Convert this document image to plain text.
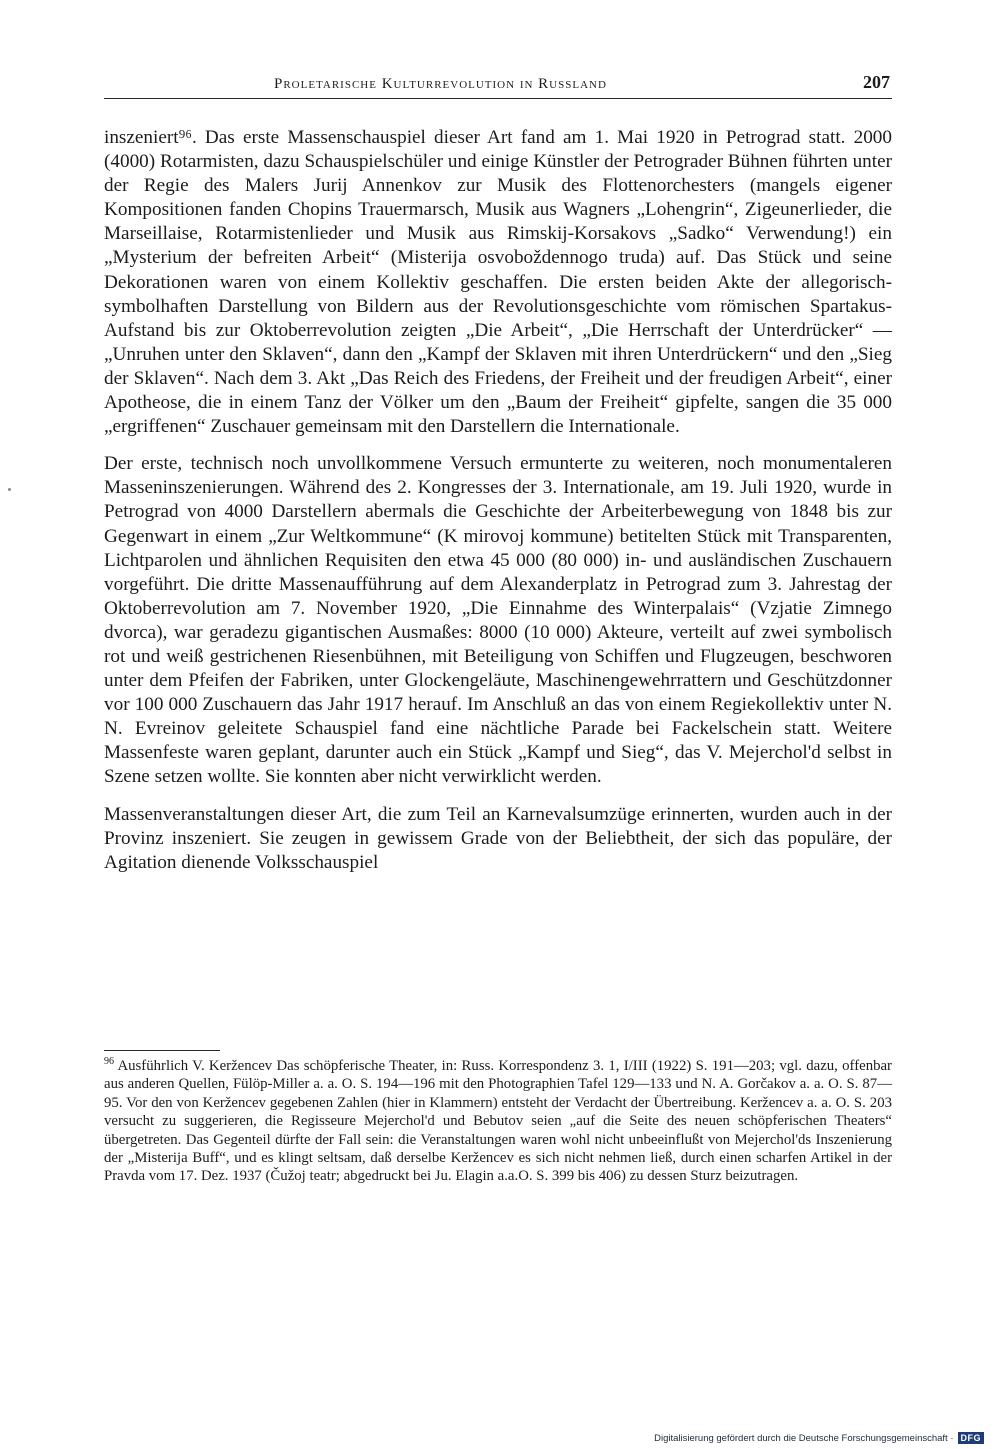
Proletarische Kulturrevolution in Russland	207

inszeniert⁹⁶. Das erste Massenschauspiel dieser Art fand am 1. Mai 1920 in Petrograd statt. 2000 (4000) Rotarmisten, dazu Schauspielschüler und einige Künstler der Petrograder Bühnen führten unter der Regie des Malers Jurij Annenkov zur Musik des Flottenorchesters (mangels eigener Kompositionen fanden Chopins Trauermarsch, Musik aus Wagners „Lohengrin“, Zigeunerlieder, die Marseillaise, Rotarmistenlieder und Musik aus Rimskij-Korsakovs „Sadko“ Verwendung!) ein „Mysterium der befreiten Arbeit“ (Misterija osvoboždennogo truda) auf. Das Stück und seine Dekorationen waren von einem Kollektiv geschaffen. Die ersten beiden Akte der allegorisch-symbolhaften Darstellung von Bildern aus der Revolutionsgeschichte vom römischen Spartakus-Aufstand bis zur Oktoberrevolution zeigten „Die Arbeit“, „Die Herrschaft der Unterdrücker“ — „Unruhen unter den Sklaven“, dann den „Kampf der Sklaven mit ihren Unterdrückern“ und den „Sieg der Sklaven“. Nach dem 3. Akt „Das Reich des Friedens, der Freiheit und der freudigen Arbeit“, einer Apotheose, die in einem Tanz der Völker um den „Baum der Freiheit“ gipfelte, sangen die 35 000 „ergriffenen“ Zuschauer gemeinsam mit den Darstellern die Internationale.

Der erste, technisch noch unvollkommene Versuch ermunterte zu weiteren, noch monumentaleren Masseninszenierungen. Während des 2. Kongresses der 3. Internationale, am 19. Juli 1920, wurde in Petrograd von 4000 Darstellern abermals die Geschichte der Arbeiterbewegung von 1848 bis zur Gegenwart in einem „Zur Weltkommune“ (K mirovoj kommune) betitelten Stück mit Transparenten, Lichtparolen und ähnlichen Requisiten den etwa 45 000 (80 000) in- und ausländischen Zuschauern vorgeführt. Die dritte Massenaufführung auf dem Alexanderplatz in Petrograd zum 3. Jahrestag der Oktoberrevolution am 7. November 1920, „Die Einnahme des Winterpalais“ (Vzjatie Zimnego dvorca), war geradezu gigantischen Ausmaßes: 8000 (10 000) Akteure, verteilt auf zwei symbolisch rot und weiß gestrichenen Riesenbühnen, mit Beteiligung von Schiffen und Flugzeugen, beschworen unter dem Pfeifen der Fabriken, unter Glockengeläute, Maschinengewehrrattern und Geschützdonner vor 100 000 Zuschauern das Jahr 1917 herauf. Im Anschluß an das von einem Regiekollektiv unter N. N. Evreinov geleitete Schauspiel fand eine nächtliche Parade bei Fackelschein statt. Weitere Massenfeste waren geplant, darunter auch ein Stück „Kampf und Sieg“, das V. Mejerchol'd selbst in Szene setzen wollte. Sie konnten aber nicht verwirklicht werden.

Massenveranstaltungen dieser Art, die zum Teil an Karnevalsumzüge erinnerten, wurden auch in der Provinz inszeniert. Sie zeugen in gewissem Grade von der Beliebtheit, der sich das populäre, der Agitation dienende Volksschauspiel

$^{96}$ Ausführlich V. Keržencev Das schöpferische Theater, in: Russ. Korrespondenz 3. 1, I/III (1922) S. 191—203; vgl. dazu, offenbar aus anderen Quellen, Fülöp-Miller a. a. O. S. 194—196 mit den Photographien Tafel 129—133 und N. A. Gorčakov a. a. O. S. 87—95. Vor den von Keržencev gegebenen Zahlen (hier in Klammern) entsteht der Verdacht der Übertreibung. Keržencev a. a. O. S. 203 versucht zu suggerieren, die Regisseure Mejerchol'd und Bebutov seien „auf die Seite des neuen schöpferischen Theaters“ übergetreten. Das Gegenteil dürfte der Fall sein: die Veranstaltungen waren wohl nicht unbeeinflußt von Mejerchol'ds Inszenierung der „Misterija Buff“, und es klingt seltsam, daß derselbe Keržencev es sich nicht nehmen ließ, durch einen scharfen Artikel in der Pravda vom 17. Dez. 1937 (Čužoj teatr; abgedruckt bei Ju. Elagin a.a.O. S. 399 bis 406) zu dessen Sturz beizutragen.

Digitalisierung gefördert durch die Deutsche Forschungsgemeinschaft · DFG
